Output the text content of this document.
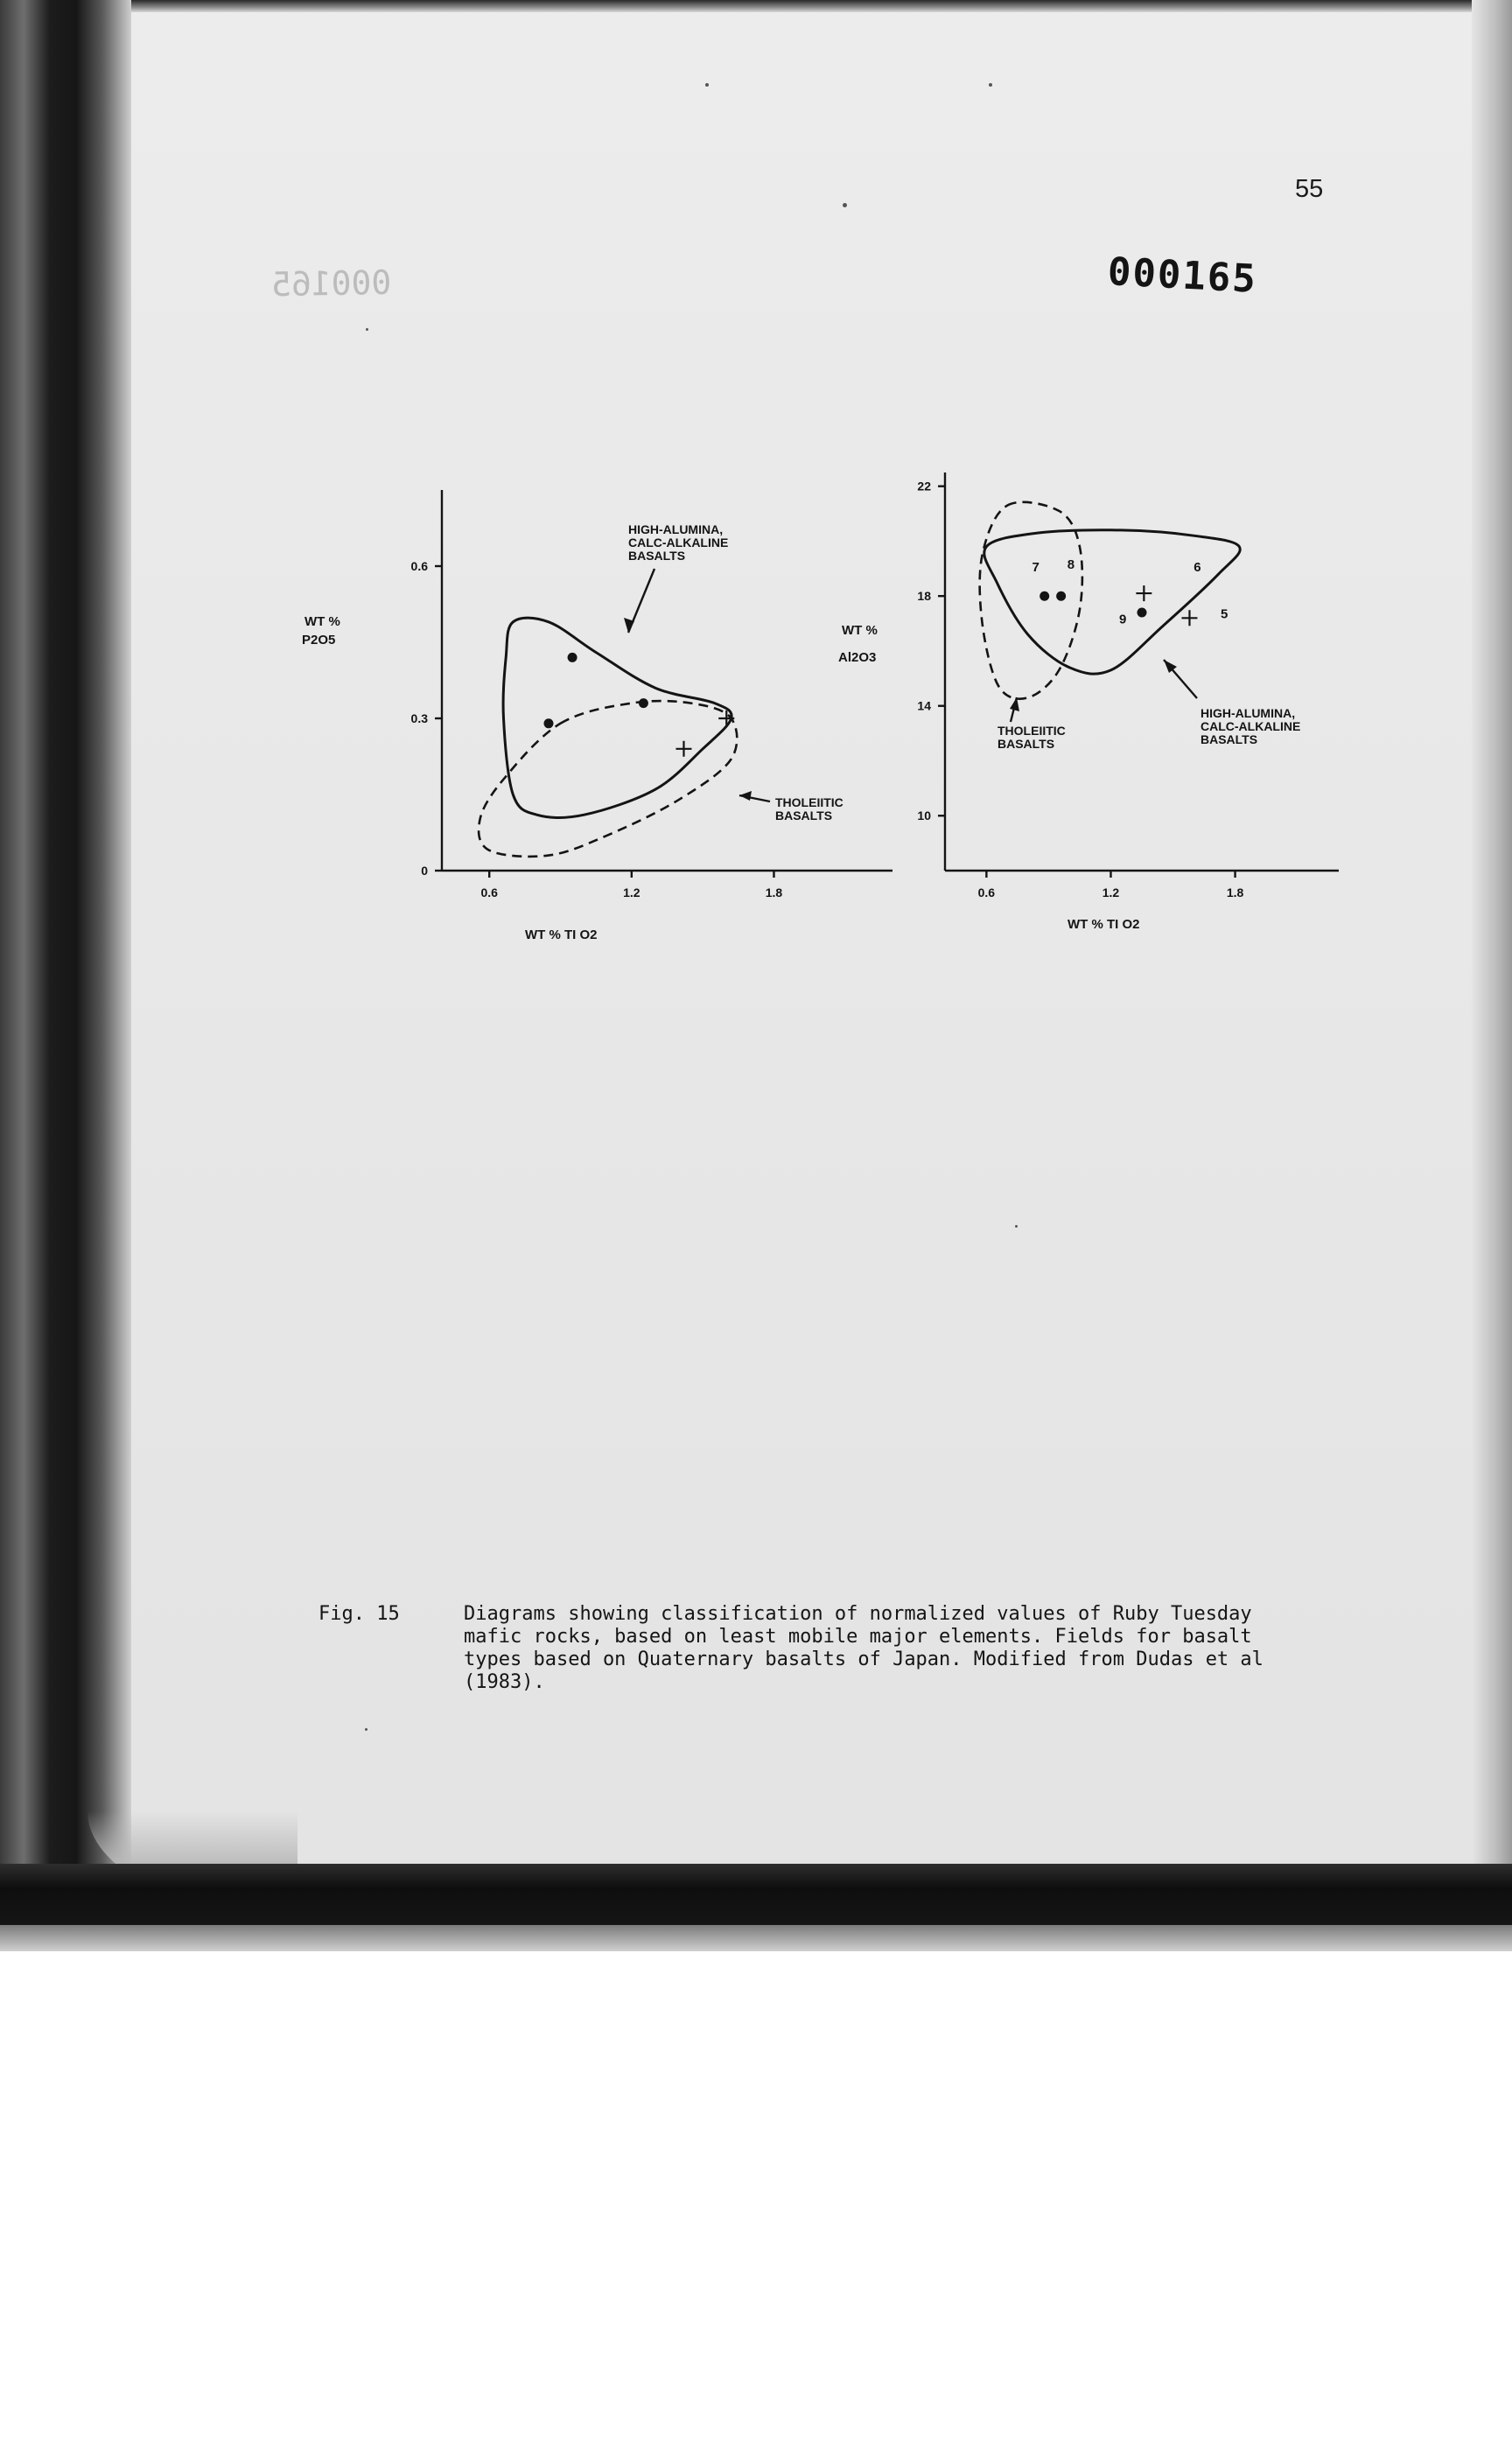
55
000165
000165
WT %
P2O5
WT % TI O2
0
0.3
0.6
0.6	1.2	1.8
HIGH-ALUMINA,
CALC-ALKALINE
BASALTS
THOLEIITIC
BASALTS
WT %
Al2O3
WT % TI O2
10
14
18
22
0.6	1.2	1.8
7 8	6
9	5
THOLEIITIC
BASALTS
HIGH-ALUMINA,
CALC-ALKALINE
BASALTS
Fig. 15	Diagrams showing classification of normalized values of Ruby Tuesday mafic rocks, based on least mobile major elements. Fields for basalt types based on Quaternary basalts of Japan. Modified from Dudas et al (1983).
